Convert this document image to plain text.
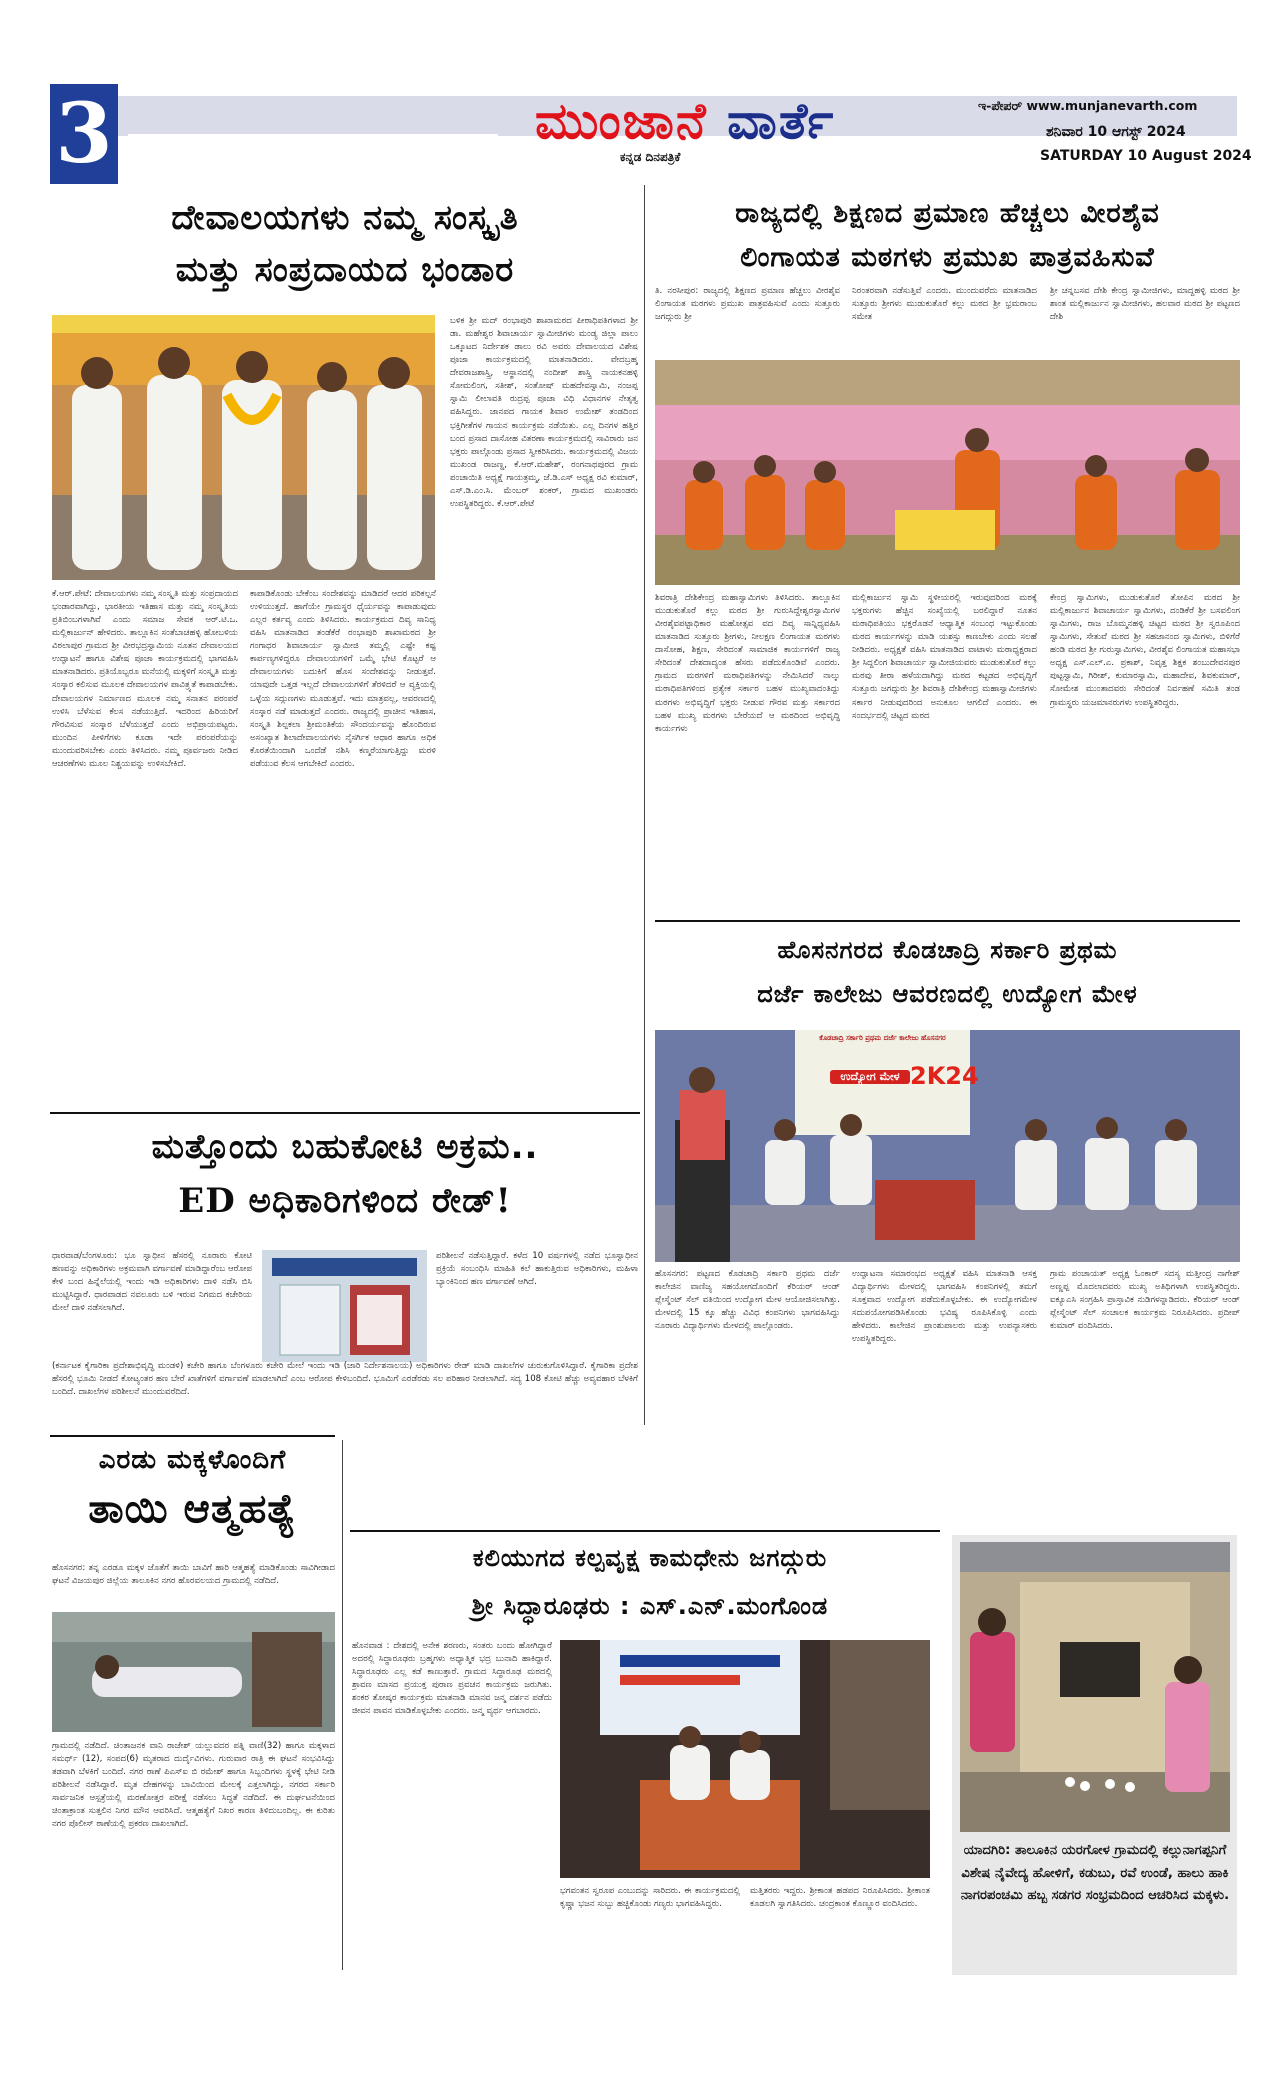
3	ಮುಂಜಾನೆ ವಾರ್ತೆ
ಕನ್ನಡ ದಿನಪತ್ರಿಕೆ
ಇ-ಪೇಪರ್ www.munjanevarth.com
ಶನಿವಾರ 10 ಆಗಸ್ಟ್ 2024
SATURDAY 10 August 2024
ದೇವಾಲಯಗಳು ನಮ್ಮ ಸಂಸ್ಕೃತಿ
ಮತ್ತು ಸಂಪ್ರದಾಯದ ಭಂಡಾರ
ಕೆ.ಆರ್.ಪೇಟೆ: ದೇವಾಲಯಗಳು ನಮ್ಮ ಸಂಸ್ಕೃತಿ ಮತ್ತು ಸಂಪ್ರದಾಯದ ಭಂಡಾರವಾಗಿದ್ದು, ಭಾರತೀಯ ಇತಿಹಾಸ ಮತ್ತು ನಮ್ಮ ಸಂಸ್ಕೃತಿಯ ಪ್ರತಿಬಿಂಬಗಳಾಗಿವೆ ಎಂದು ಸಮಾಜ ಸೇವಕ ಆರ್.ಟಿ.ಒ. ಮಲ್ಲಿಕಾರ್ಜುನ್ ಹೇಳಿದರು. ತಾಲ್ಲೂಕಿನ ಸಂತೆಬಾಚಹಳ್ಳಿ ಹೋಬಳಿಯ ವಿಠಲಾಪುರ ಗ್ರಾಮದ ಶ್ರೀ ವೀರಭದ್ರಸ್ವಾಮಿಯ ನೂತನ ದೇವಾಲಯದ ಉದ್ಘಾಟನೆ ಹಾಗೂ ವಿಶೇಷ ಪೂಜಾ ಕಾರ್ಯಕ್ರಮದಲ್ಲಿ ಭಾಗವಹಿಸಿ ಮಾತನಾಡಿದರು. ಪ್ರತಿಯೊಬ್ಬರೂ ಮನೆಯಲ್ಲಿ ಮಕ್ಕಳಿಗೆ ಸಂಸ್ಕೃತಿ ಮತ್ತು ಸಂಸ್ಕಾರ ಕಲಿಸುವ ಮೂಲಕ ದೇವಾಲಯಗಳ ಪಾವಿತ್ರ್ಯತೆ ಕಾಪಾಡಬೇಕು. ದೇವಾಲಯಗಳ ನಿರ್ಮಾಣದ ಮೂಲಕ ನಮ್ಮ ಸನಾತನ ಪರಂಪರೆ ಉಳಿಸಿ ಬೆಳೆಸುವ ಕೆಲಸ ನಡೆಯುತ್ತಿದೆ. ಇದರಿಂದ ಹಿರಿಯರಿಗೆ ಗೌರವಿಸುವ ಸಂಸ್ಕಾರ ಬೆಳೆಯುತ್ತದೆ ಎಂದು ಅಭಿಪ್ರಾಯಪಟ್ಟರು. ಮುಂದಿನ ಪೀಳಿಗೆಗಳು ಕೂಡಾ ಇದೇ ಪರಂಪರೆಯನ್ನು ಮುಂದುವರಿಸಬೇಕು ಎಂದು ತಿಳಿಸಿದರು. ನಮ್ಮ ಪೂರ್ವಜರು ನೀಡಿದ ಆಚರಣೆಗಳು ಮೂಲ ನಿಶ್ಚಯವನ್ನು ಉಳಿಸಬೇಕಿದೆ.
ಕಾಪಾಡಿಕೊಂಡು ಬೇಕೆಂಬ ಸಂದೇಶವನ್ನು ಮಾಡಿದರೆ ಆದರ ಪರಿಕಲ್ಪನೆ ಉಳಿಯುತ್ತದೆ. ಹಾಗೆಯೇ ಗ್ರಾಮಸ್ಥರ ಧೈರ್ಯವನ್ನು ಕಾಪಾಡುವುದು ಎಲ್ಲರ ಕರ್ತವ್ಯ ಎಂದು ತಿಳಿಸಿದರು. ಕಾರ್ಯಕ್ರಮದ ದಿವ್ಯ ಸಾನಿಧ್ಯ ವಹಿಸಿ ಮಾತನಾಡಿದ ತಂಡೆಕೆರೆ ರಂಭಾಪುರಿ ಶಾಖಾಮಠದ ಶ್ರೀ ಗಂಗಾಧರ ಶಿವಾಚಾರ್ಯ ಸ್ವಾಮೀಜಿ ತಮ್ಮಲ್ಲಿ ಎಷ್ಟೇ ಕಷ್ಟ ಕಾರ್ಪಣ್ಯಗಳಿದ್ದರೂ ದೇವಾಲಯಗಳಿಗೆ ಒಮ್ಮೆ ಭೇಟಿ ಕೊಟ್ಟರೆ ಆ ದೇವಾಲಯಗಳು ಬದುಕಿಗೆ ಹೊಸ ಸಂದೇಶವನ್ನು ನೀಡುತ್ತವೆ. ಯಾವುದೇ ಒತ್ತಡ ಇಲ್ಲದೆ ದೇವಾಲಯಗಳಿಗೆ ತೆರಳಿದರೆ ಆ ವ್ಯಕ್ತಿಯಲ್ಲಿ ಒಳ್ಳೆಯ ಸದ್ಗುಣಗಳು ಮೂಡುತ್ತವೆ. ಇದು ಮಾತ್ರವಲ್ಲ, ಆವರಣದಲ್ಲಿ ಸಂಸ್ಕಾರ ನಡೆ ಮಾಡುತ್ತದೆ ಎಂದರು. ರಾಜ್ಯದಲ್ಲಿ ಪ್ರಾಚೀನ ಇತಿಹಾಸ, ಸಂಸ್ಕೃತಿ ಶಿಲ್ಪಕಲಾ ಶ್ರೀಮಂತಿಕೆಯ ಸೌಂದರ್ಯವನ್ನು ಹೊಂದಿರುವ ಅಸಂಖ್ಯಾತ ಶಿಲಾದೇವಾಲಯಗಳು ನೈಸರ್ಗಿಕ ಆಧಾರ ಹಾಗೂ ಅಧಿಕ ಕೊರತೆಯಿಂದಾಗಿ ಒಂದೆಡೆ ನಶಿಸಿ ಕಣ್ಮರೆಯಾಗುತ್ತಿದ್ದು ಮರಳಿ ಪಡೆಯುವ ಕೆಲಸ ಆಗಬೇಕಿದೆ ಎಂದರು.
ಬಳಿಕ ಶ್ರೀ ಮದ್ ರಂಭಾಪುರಿ ಶಾಖಾಮಠದ ಪೀಠಾಧಿಪತಿಗಳಾದ ಶ್ರೀ ಡಾ. ಮಹೇಶ್ವರ ಶಿವಾಚಾರ್ಯ ಸ್ವಾಮೀಜಿಗಳು ಮಂಡ್ಯ ಜಿಲ್ಲಾ ಪಾಲು ಒಕ್ಕೂಟದ ನಿರ್ದೇಶಕ ಡಾಲು ರವಿ ಅವರು ದೇವಾಲಯದ ವಿಶೇಷ ಪೂಜಾ ಕಾರ್ಯಕ್ರಮದಲ್ಲಿ ಮಾತನಾಡಿದರು. ವೇದಬ್ರಹ್ಮ ದೇವರಾಜಶಾಸ್ತ್ರಿ, ಆಸ್ಥಾನದಲ್ಲಿ ನಂದೀಶ್ ಶಾಸ್ತ್ರಿ ನಾಯಕನಹಳ್ಳಿ ಸೋಮಲಿಂಗ, ಸತೀಶ್, ಸಂತೋಷ್ ಮಹದೇವಸ್ವಾಮಿ, ನಂಜಪ್ಪ ಸ್ವಾಮಿ ಲೀಲಾವತಿ ರುದ್ರಪ್ಪ ಪೂಜಾ ವಿಧಿ ವಿಧಾನಗಳ ನೇತೃತ್ವ ವಹಿಸಿದ್ದರು. ಜಾನಪದ ಗಾಯಕ ಶಿವಾರ ಉಮೇಶ್ ತಂಡದಿಂದ ಭಕ್ತಿಗೀತೆಗಳ ಗಾಯನ ಕಾರ್ಯಕ್ರಮ ನಡೆಯಿತು. ಎಲ್ಲ ದಿನಗಳ ಹತ್ತಿರ ಬಂದ ಪ್ರಸಾದ ದಾಸೋಹ ವಿತರಣಾ ಕಾರ್ಯಕ್ರಮದಲ್ಲಿ ಸಾವಿರಾರು ಜನ ಭಕ್ತರು ಪಾಲ್ಗೊಂಡು ಪ್ರಸಾದ ಸ್ವೀಕರಿಸಿದರು. ಕಾರ್ಯಕ್ರಮದಲ್ಲಿ ವಿಜಯ ಮುಖಂಡ ರಾಜಣ್ಣ, ಕೆ.ಆರ್.ಮಹೇಶ್, ರಂಗನಾಥಪುರದ ಗ್ರಾಮ ಪಂಚಾಯಿತಿ ಅಧ್ಯಕ್ಷೆ ಗಾಯತ್ರಮ್ಮ, ಜೆ.ಡಿ.ಎಸ್ ಅಧ್ಯಕ್ಷ ರವಿ ಕುಮಾರ್, ಎಸ್.ಡಿ.ಎಂ.ಸಿ. ಮೆಂಬರ್ ಶಂಕರ್, ಗ್ರಾಮದ ಮುಖಂಡರು ಉಪಸ್ಥಿತರಿದ್ದರು. ಕೆ.ಆರ್.ಪೇಟೆ
ರಾಜ್ಯದಲ್ಲಿ ಶಿಕ್ಷಣದ ಪ್ರಮಾಣ ಹೆಚ್ಚಲು ವೀರಶೈವ
ಲಿಂಗಾಯತ ಮಠಗಳು ಪ್ರಮುಖ ಪಾತ್ರವಹಿಸುವೆ
ತಿ. ನರಸೀಪುರ: ರಾಜ್ಯದಲ್ಲಿ ಶಿಕ್ಷಣದ ಪ್ರಮಾಣ ಹೆಚ್ಚಲು ವೀರಶೈವ ಲಿಂಗಾಯತ ಮಠಗಳು ಪ್ರಮುಖ ಪಾತ್ರವಹಿಸುವೆ ಎಂದು ಸುತ್ತೂರು ಜಗದ್ಗುರು ಶ್ರೀ
ನಿರಂತರವಾಗಿ ನಡೆಸುತ್ತಿವೆ ಎಂದರು. ಮುಂದುವರೆದು ಮಾತನಾಡಿದ ಸುತ್ತೂರು ಶ್ರೀಗಳು ಮುಡುಕುತೊರೆ ಕಲ್ಲು ಮಠದ ಶ್ರೀ ಭ್ರಮರಾಂಬ ಸಮೇತ
ಶ್ರೀ ಚನ್ನಬಸವ ದೇಶಿ ಕೇಂದ್ರ ಸ್ವಾಮೀಜಿಗಳು, ಮಾದ್ದಹಳ್ಳಿ ಮಠದ ಶ್ರೀ ಶಾಂತ ಮಲ್ಲಿಕಾರ್ಜುನ ಸ್ವಾಮೀಜಿಗಳು, ಹಲವಾರ ಮಠದ ಶ್ರೀ ಪಟ್ಟಣದ ದೇಶಿ
ಶಿವರಾತ್ರಿ ದೇಶಿಕೇಂದ್ರ ಮಹಾಸ್ವಾಮಿಗಳು ತಿಳಿಸಿದರು. ತಾಲ್ಲೂಕಿನ ಮುಡುಕುತೊರೆ ಕಲ್ಲು ಮಠದ ಶ್ರೀ ಗುರುಸಿದ್ದೇಶ್ವರಸ್ವಾಮಿಗಳ ವೀರಶೈವಪಟ್ಟಾಧಿಕಾರ ಮಹೋತ್ಸವ ವದ ದಿವ್ಯ ಸಾನ್ನಿಧ್ಯವಹಿಸಿ ಮಾತನಾಡಿದ ಸುತ್ತೂರು ಶ್ರೀಗಳು, ನೀಲಕ್ಷಣ ಲಿಂಗಾಯತ ಮಠಗಳು ದಾಸೋಹ, ಶಿಕ್ಷಣ, ಸೇರಿದಂತೆ ಸಾಮಾಜಿಕ ಕಾರ್ಯಗಳಿಗೆ ರಾಜ್ಯ ಸೇರಿದಂತೆ ದೇಶದಾದ್ಯಂತ ಹೆಸರು ಪಡೆದುಕೊಂಡಿವೆ ಎಂದರು. ಗ್ರಾಮದ ಮಠಗಳಿಗೆ ಮಠಾಧಿಪತಿಗಳನ್ನು ನೇಮಿಸಿದರೆ ನಾಲ್ಕು ಮಠಾಧಿಪತಿಗಳಿಂದ ಪ್ರತ್ಯೇಕ ಸರ್ಕಾರ ಬಹಳ ಮುಖ್ಯವಾದಂತಿದ್ದು ಮಠಗಳು ಅಭಿವೃದ್ಧಿಗೆ ಭಕ್ತರು ನೀಡುವ ಗೌರವ ಮತ್ತು ಸರ್ಕಾರದ ಬಹಳ ಮುಖ್ಯ ಮಠಗಳು ಬೇರೆಯದೆ ಆ ಮಠದಿಂದ ಅಭಿವೃದ್ಧಿ ಕಾರ್ಯಗಳು
ಮಲ್ಲಿಕಾರ್ಜುನ ಸ್ವಾಮಿ ಸ್ಥಳೀಯರಲ್ಲಿ ಇರುವುದರಿಂದ ಮಠಕ್ಕೆ ಭಕ್ತರುಗಳು ಹೆಚ್ಚಿನ ಸಂಖ್ಯೆಯಲ್ಲಿ ಬರಲಿದ್ದಾರೆ ನೂತನ ಮಠಾಧಿಪತಿಯು ಭಕ್ತರೊಡನೆ ಆಧ್ಯಾತ್ಮಿಕ ಸಂಬಂಧ ಇಟ್ಟುಕೊಂಡು ಮಠದ ಕಾರ್ಯಗಳನ್ನು ಮಾಡಿ ಯಶಸ್ಸು ಕಾಣಬೇಕು ಎಂದು ಸಲಹೆ ನೀಡಿದರು. ಅಧ್ಯಕ್ಷತೆ ವಹಿಸಿ ಮಾತನಾಡಿದ ವಾಟಾಳು ಮಠಾಧ್ಯಕ್ಷರಾದ ಶ್ರೀ ಸಿದ್ದಲಿಂಗ ಶಿವಾಚಾರ್ಯ ಸ್ವಾಮೀಜಿಯವರು ಮುಡುಕುತೊರೆ ಕಲ್ಲು ಮಠವು ತೀರಾ ಹಳೆಯದಾಗಿದ್ದು ಮಠದ ಕಟ್ಟಡದ ಅಭಿವೃದ್ಧಿಗೆ ಸುತ್ತೂರು ಜಗದ್ಗುರು ಶ್ರೀ ಶಿವರಾತ್ರಿ ದೇಶಿಕೇಂದ್ರ ಮಹಾಸ್ವಾಮೀಜಿಗಳು ಸರ್ಕಾರ ನೀಡುವುದರಿಂದ ಅನುಕೂಲ ಆಗಲಿದೆ ಎಂದರು. ಈ ಸಂದರ್ಭದಲ್ಲಿ ಚಿಟ್ಟದ ಮಠದ
ಕೇಂದ್ರ ಸ್ವಾಮಿಗಳು, ಮುಡುಕುತೊರೆ ತೋಪಿನ ಮಠದ ಶ್ರೀ ಮಲ್ಲಿಕಾರ್ಜುನ ಶಿವಾಚಾರ್ಯ ಸ್ವಾಮಿಗಳು, ದಂಡಿಕೆರೆ ಶ್ರೀ ಬಸವಲಿಂಗ ಸ್ವಾಮಿಗಳು, ರಾಜ ಬೊಮ್ಮನಹಳ್ಳಿ ಚಿಟ್ಟದ ಮಠದ ಶ್ರೀ ಸ್ವರೂಪಿಂದ ಸ್ವಾಮಿಗಳು, ಸೇತುವೆ ಮಠದ ಶ್ರೀ ಸಹಜಾನಂದ ಸ್ವಾಮಿಗಳು, ಬಿಳಿಗೆರೆ ಹಂಡಿ ಮಠದ ಶ್ರೀ ಗುರುಸ್ವಾಮಿಗಳು, ವೀರಶೈವ ಲಿಂಗಾಯತ ಮಹಾಸಭಾ ಅಧ್ಯಕ್ಷ ಎಸ್.ಎಲ್.ಎ. ಪ್ರಕಾಶ್, ನಿವೃತ್ತ ಶಿಕ್ಷಕ ಶಂಬುದೇವನಪುರ ಪುಟ್ಟಸ್ವಾಮಿ, ಗಿರೀಶ್, ಕುಮಾರಸ್ವಾಮಿ, ಮಹಾದೇವ, ಶಿವಕುಮಾರ್, ಸೋಮೇಶ ಮುಂತಾದವರು ಸೇರಿದಂತೆ ನಿರ್ವಹಣೆ ಸಮಿತಿ ತಂಡ ಗ್ರಾಮಸ್ಥರು ಯಜಮಾನರುಗಳು ಉಪಸ್ಥಿತರಿದ್ದರು.
ಹೊಸನಗರದ ಕೊಡಚಾದ್ರಿ ಸರ್ಕಾರಿ ಪ್ರಥಮ
ದರ್ಜೆ ಕಾಲೇಜು ಆವರಣದಲ್ಲಿ ಉದ್ಯೋಗ ಮೇಳ
ಕೊಡಚಾದ್ರಿ ಸರ್ಕಾರಿ ಪ್ರಥಮ ದರ್ಜೆ ಕಾಲೇಜು ಹೊಸನಗರ
ಉದ್ಯೋಗ ಮೇಳ 2K24
ಹೊಸನಗರ: ಪಟ್ಟಣದ ಕೊಡಚಾದ್ರಿ ಸರ್ಕಾರಿ ಪ್ರಥಮ ದರ್ಜೆ ಕಾಲೇಜಿನ ವಾಣಿಜ್ಯ ಸಹಯೋಗದೊಂದಿಗೆ ಕೆರಿಯರ್ ಆಂಡ್ ಪ್ಲೇಸ್ಮೆಂಟ್ ಸೆಲ್ ವತಿಯಿಂದ ಉದ್ಯೋಗ ಮೇಳ ಆಯೋಜಿಸಲಾಗಿತ್ತು. ಮೇಳದಲ್ಲಿ 15 ಕ್ಕೂ ಹೆಚ್ಚು ವಿವಿಧ ಕಂಪನಿಗಳು ಭಾಗವಹಿಸಿದ್ದು ನೂರಾರು ವಿದ್ಯಾರ್ಥಿಗಳು ಮೇಳದಲ್ಲಿ ಪಾಲ್ಗೊಂಡರು.
ಉದ್ಘಾಟನಾ ಸಮಾರಂಭದ ಅಧ್ಯಕ್ಷತೆ ವಹಿಸಿ ಮಾತನಾಡಿ ಆಸಕ್ತ ವಿದ್ಯಾರ್ಥಿಗಳು ಮೇಳದಲ್ಲಿ ಭಾಗವಹಿಸಿ ಕಂಪನಿಗಳಲ್ಲಿ ತಮಗೆ ಸೂಕ್ತವಾದ ಉದ್ಯೋಗ ಪಡೆದುಕೊಳ್ಳಬೇಕು. ಈ ಉದ್ಯೋಗಮೇಳ ಸದುಪಯೋಗಪಡಿಸಿಕೊಂಡು ಭವಿಷ್ಯ ರೂಪಿಸಿಕೊಳ್ಳಿ ಎಂದು ಹೇಳಿದರು. ಕಾಲೇಜಿನ ಪ್ರಾಂಶುಪಾಲರು ಮತ್ತು ಉಪನ್ಯಾಸಕರು ಉಪಸ್ಥಿತರಿದ್ದರು.
ಗ್ರಾಮ ಪಂಚಾಯತ್ ಅಧ್ಯಕ್ಷ ಓಂಕಾರ್ ಸದಸ್ಯ ಮತ್ತೀಂದ್ರ ನಾಗೇಶ್ ಅಣ್ಣಪ್ಪ ಮೊದಲಾದವರು ಮುಖ್ಯ ಅತಿಥಿಗಳಾಗಿ ಉಪಸ್ಥಿತರಿದ್ದರು. ಐಕ್ಯೂಎಸಿ ಸಂಗ್ರಹಿಸಿ ಪ್ರಾಸ್ತಾವಿಕ ನುಡಿಗಳನ್ನಾಡಿದರು. ಕೆರಿಯರ್ ಆಂಡ್ ಪ್ಲೇಸ್ಮೆಂಟ್ ಸೆಲ್ ಸಂಚಾಲಕ ಕಾರ್ಯಕ್ರಮ ನಿರೂಪಿಸಿದರು. ಪ್ರದೀಪ್ ಕುಮಾರ್ ವಂದಿಸಿದರು.
ಮತ್ತೊಂದು ಬಹುಕೋಟಿ ಅಕ್ರಮ..
ED ಅಧಿಕಾರಿಗಳಿಂದ ರೇಡ್!
ಧಾರವಾಡ/ಬೆಂಗಳೂರು: ಭೂ ಸ್ವಾಧೀನ ಹೆಸರಲ್ಲಿ ನೂರಾರು ಕೋಟಿ ಹಣವನ್ನು ಅಧಿಕಾರಿಗಳು ಅಕ್ರಮವಾಗಿ ವರ್ಗಾವಣೆ ಮಾಡಿದ್ದಾರೆಂಬ ಆರೋಪ ಕೇಳಿ ಬಂದ ಹಿನ್ನೆಲೆಯಲ್ಲಿ ಇಂದು ಇಡಿ ಅಧಿಕಾರಿಗಳು ದಾಳಿ ನಡೆಸಿ ಬಿಸಿ ಮುಟ್ಟಿಸಿದ್ದಾರೆ. ಧಾರವಾಡದ ನವಲೂರು ಬಳಿ ಇರುವ ನಿಗಮದ ಕಚೇರಿಯ ಮೇಲೆ ದಾಳಿ ನಡೆಸಲಾಗಿದೆ.
ಪರಿಶೀಲನೆ ನಡೆಸುತ್ತಿದ್ದಾರೆ. ಕಳೆದ 10 ವರ್ಷಗಳಲ್ಲಿ ನಡೆದ ಭೂಸ್ವಾಧೀನ ಪ್ರಕ್ರಿಯೆ ಸಂಬಂಧಿಸಿ ಮಾಹಿತಿ ಕಲೆ ಹಾಕುತ್ತಿರುವ ಅಧಿಕಾರಿಗಳು, ಮಹಿಳಾ ಬ್ಯಾಂಕಿನಿಂದ ಹಣ ವರ್ಗಾವಣೆ ಆಗಿದೆ.
(ಕರ್ನಾಟಕ ಕೈಗಾರಿಕಾ ಪ್ರದೇಶಾಭಿವೃದ್ಧಿ ಮಂಡಳಿ) ಕಚೇರಿ ಹಾಗೂ ಬೆಂಗಳೂರು ಕಚೇರಿ ಮೇಲೆ ಇಂದು ಇಡಿ (ಜಾರಿ ನಿರ್ದೇಶನಾಲಯ) ಅಧಿಕಾರಿಗಳು ರೇಡ್ ಮಾಡಿ ದಾಖಲೆಗಳ ಚುರುಕುಗೊಳಿಸಿದ್ದಾರೆ. ಕೈಗಾರಿಕಾ ಪ್ರದೇಶ ಹೆಸರಲ್ಲಿ ಭೂಮಿ ನೀಡದೆ ಕೋಟ್ಯಂತರ ಹಣ ಬೇರೆ ಖಾತೆಗಳಿಗೆ ವರ್ಗಾವಣೆ ಮಾಡಲಾಗಿದೆ ಎಂಬ ಆರೋಪ ಕೇಳಿಬಂದಿದೆ. ಭೂಮಿಗೆ ಎರಡೆರಡು ಸಲ ಪರಿಹಾರ ನೀಡಲಾಗಿದೆ. ಸದ್ಯ 108 ಕೋಟಿ ಹೆಚ್ಚು ಅವ್ಯವಹಾರ ಬೆಳಕಿಗೆ ಬಂದಿದೆ. ದಾಖಲೆಗಳ ಪರಿಶೀಲನೆ ಮುಂದುವರೆದಿದೆ.
ಎರಡು ಮಕ್ಕಳೊಂದಿಗೆ
ತಾಯಿ ಆತ್ಮಹತ್ಯೆ
ಹೊಸನಗರ: ತನ್ನ ಎರಡೂ ಮಕ್ಕಳ ಜೊತೆಗೆ ತಾಯಿ ಬಾವಿಗೆ ಹಾರಿ ಆತ್ಮಹತ್ಯೆ ಮಾಡಿಕೊಂಡು ಸಾವಿಗೀಡಾದ ಘಟನೆ ವಿಜಯಪುರ ಜಿಲ್ಲೆಯ ತಾಲೂಕಿನ ನಗರ ಹೊರವಲಯದ ಗ್ರಾಮದಲ್ಲಿ ನಡೆದಿದೆ.
ಗ್ರಾಮದಲ್ಲಿ ನಡೆದಿದೆ. ಚಿಂತಾಜನಕ ವಾನಿ ರಾಜೇಶ್ ಯಲ್ಲುವದರ ಪತ್ನಿ ವಾಣಿ(32) ಹಾಗೂ ಮಕ್ಕಳಾದ ಸಮರ್ಥ್ (12), ಸಂಪದ(6) ಮೃತರಾದ ದುರ್ದೈವಿಗಳು. ಗುರುವಾರ ರಾತ್ರಿ ಈ ಘಟನೆ ಸಂಭವಿಸಿದ್ದು ತಡವಾಗಿ ಬೆಳಕಿಗೆ ಬಂದಿದೆ. ನಗರ ಠಾಣೆ ಪಿಎಸ್ಐ ಬಿ ರಮೇಶ್ ಹಾಗೂ ಸಿಬ್ಬಂದಿಗಳು ಸ್ಥಳಕ್ಕೆ ಭೇಟಿ ನೀಡಿ ಪರಿಶೀಲನೆ ನಡೆಸಿದ್ದಾರೆ. ಮೃತ ದೇಹಗಳನ್ನು ಬಾವಿಯಿಂದ ಮೇಲಕ್ಕೆ ಎತ್ತಲಾಗಿದ್ದು, ನಗರದ ಸರ್ಕಾರಿ ಸಾರ್ವಜನಿಕ ಆಸ್ಪತ್ರೆಯಲ್ಲಿ ಮರಣೋತ್ತರ ಪರೀಕ್ಷೆ ನಡೆಸಲು ಸಿದ್ಧತೆ ನಡೆದಿದೆ. ಈ ದುರ್ಘಟನೆಯಿಂದ ಚಿಂತಾಕ್ರಾಂತ ಸುತ್ತಲಿನ ನಿಗರ ಮೌನ ಆವರಿಸಿದೆ. ಆತ್ಮಹತ್ಯೆಗೆ ನಿಖರ ಕಾರಣ ತಿಳಿದುಬಂದಿಲ್ಲ. ಈ ಕುರಿತು ನಗರ ಪೊಲೀಸ್ ಠಾಣೆಯಲ್ಲಿ ಪ್ರಕರಣ ದಾಖಲಾಗಿದೆ.
ಕಲಿಯುಗದ ಕಲ್ಪವೃಕ್ಷ ಕಾಮಧೇನು ಜಗದ್ಗುರು
ಶ್ರೀ ಸಿದ್ಧಾರೂಢರು : ಎಸ್.ಎನ್.ಮಂಗೊಂಡ
ಹೊನವಾಡ : ದೇಶದಲ್ಲಿ ಅನೇಕ ಶರಣರು, ಸಂತರು ಬಂದು ಹೋಗಿದ್ದಾರೆ ಅದರಲ್ಲಿ ಸಿದ್ಧಾರೂಢರು ಬ್ರಹ್ಮಗಳು ಅಧ್ಯಾತ್ಮಿಕ ಭದ್ರ ಬುನಾದಿ ಹಾಕಿದ್ದಾರೆ. ಸಿದ್ಧಾರೂಢರು ಎಲ್ಲ ಕಡೆ ಕಾಣುತ್ತಾರೆ. ಗ್ರಾಮದ ಸಿದ್ಧಾರೂಢ ಮಠದಲ್ಲಿ ಶ್ರಾವಣ ಮಾಸದ ಪ್ರಯುಕ್ತ ಪುರಾಣ ಪ್ರವಚನ ಕಾರ್ಯಕ್ರಮ ಜರುಗಿತು. ಶಂಕರ ತೋಷ್ಕರ ಕಾರ್ಯಕ್ರಮ ಮಾತನಾಡಿ ಮಾನವ ಜನ್ಮ ದರ್ಶನ ಪಡೆದು ಜೀವನ ಪಾವನ ಮಾಡಿಕೊಳ್ಳಬೇಕು ಎಂದರು. ಜನ್ಮ ವ್ಯರ್ಥ ಆಗಬಾರದು.
ಭಗವಂತನ ಸ್ವರೂಪ ಎಂಬುದನ್ನು ಸಾರಿದರು. ಈ ಕಾರ್ಯಕ್ರಮದಲ್ಲಿ ಕೃಷ್ಣಾ ಭಜನ ಸುಬ್ಬು ಹಚ್ಚಿಕೊಂಡು ಗಣ್ಯರು ಭಾಗವಹಿಸಿದ್ದರು.
ಮತ್ತಿತರರು ಇದ್ದರು. ಶ್ರೀಕಾಂತ ಹಡಪದ ನಿರೂಪಿಸಿದರು. ಶ್ರೀಕಾಂತ ಕೂಡಲಗಿ ಸ್ವಾಗತಿಸಿದರು. ಚಂದ್ರಕಾಂತ ಕೊಣ್ಣೂರ ವಂದಿಸಿದರು.
ಯಾದಗಿರಿ: ತಾಲೂಕಿನ ಯರಗೋಳ ಗ್ರಾಮದಲ್ಲಿ ಕಲ್ಲುನಾಗಪ್ಪನಿಗೆ ವಿಶೇಷ ನೈವೇದ್ಯ ಹೋಳಿಗೆ, ಕಡುಬು, ರವೆ ಉಂಡೆ, ಹಾಲು ಹಾಕಿ ನಾಗರಪಂಚಮಿ ಹಬ್ಬ ಸಡಗರ ಸಂಭ್ರಮದಿಂದ ಆಚರಿಸಿದ ಮಕ್ಕಳು.
